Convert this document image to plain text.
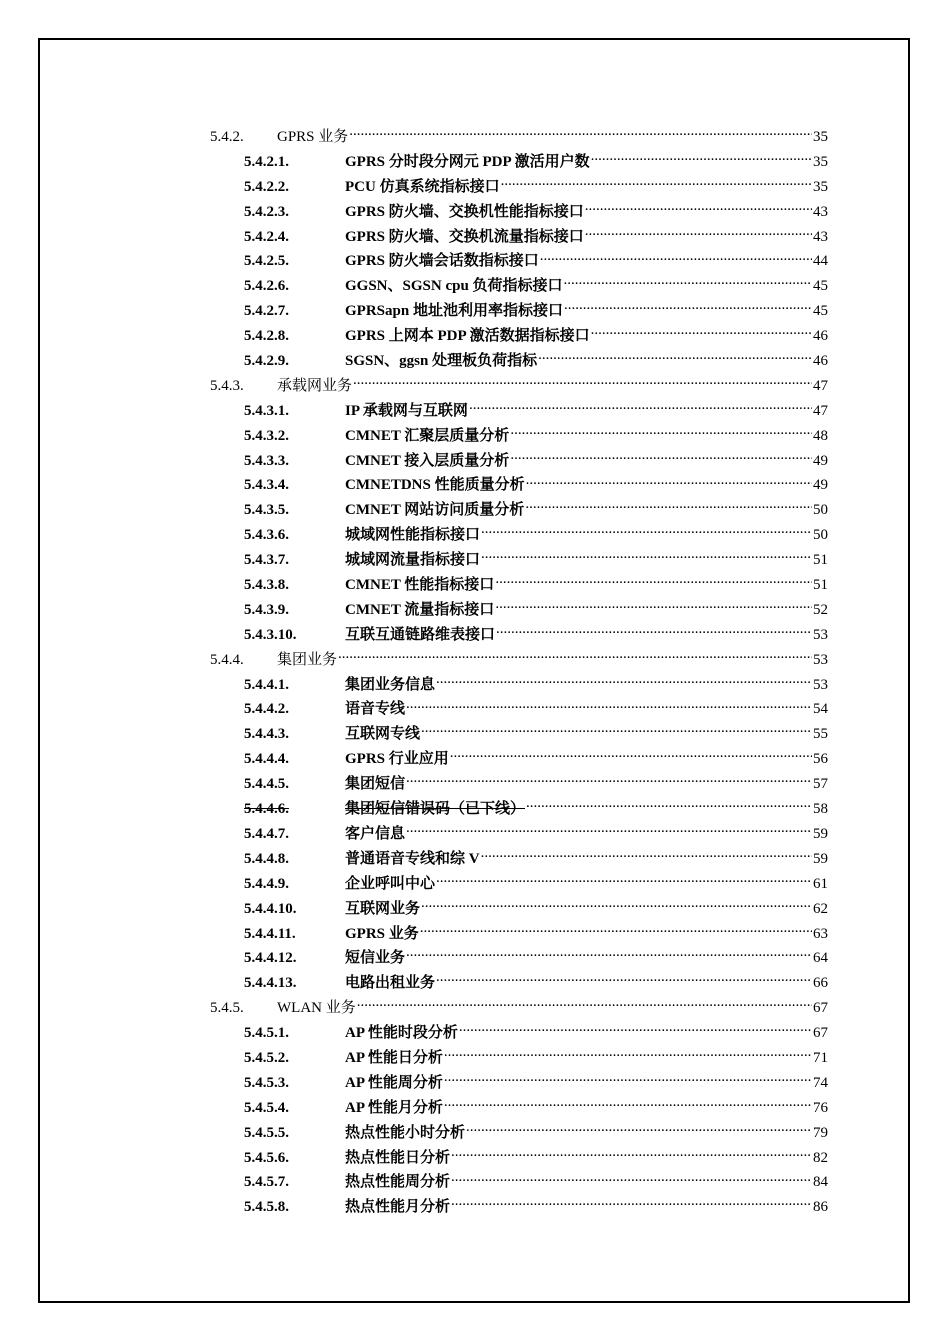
5.4.2.	GPRS 业务 .....	35
5.4.2.1.	GPRS 分时段分网元 PDP 激活用户数 .....	35
5.4.2.2.	PCU 仿真系统指标接口 .....	35
5.4.2.3.	GPRS 防火墙、交换机性能指标接口 .....	43
5.4.2.4.	GPRS 防火墙、交换机流量指标接口 .....	43
5.4.2.5.	GPRS 防火墙会话数指标接口 .....	44
5.4.2.6.	GGSN、SGSN cpu 负荷指标接口 .....	45
5.4.2.7.	GPRSapn 地址池利用率指标接口 .....	45
5.4.2.8.	GPRS 上网本 PDP 激活数据指标接口 .....	46
5.4.2.9.	SGSN、ggsn 处理板负荷指标 .....	46
5.4.3.	承载网业务 .....	47
5.4.3.1.	IP 承载网与互联网 .....	47
5.4.3.2.	CMNET 汇聚层质量分析 .....	48
5.4.3.3.	CMNET 接入层质量分析 .....	49
5.4.3.4.	CMNETDNS 性能质量分析 .....	49
5.4.3.5.	CMNET 网站访问质量分析 .....	50
5.4.3.6.	城域网性能指标接口 .....	50
5.4.3.7.	城域网流量指标接口 .....	51
5.4.3.8.	CMNET 性能指标接口 .....	51
5.4.3.9.	CMNET 流量指标接口 .....	52
5.4.3.10.	互联互通链路维表接口 .....	53
5.4.4.	集团业务 .....	53
5.4.4.1.	集团业务信息 .....	53
5.4.4.2.	语音专线 .....	54
5.4.4.3.	互联网专线 .....	55
5.4.4.4.	GPRS 行业应用 .....	56
5.4.4.5.	集团短信 .....	57
5.4.4.6.	集团短信错误码（已下线） .....	58
5.4.4.7.	客户信息 .....	59
5.4.4.8.	普通语音专线和综 V .....	59
5.4.4.9.	企业呼叫中心 .....	61
5.4.4.10.	互联网业务 .....	62
5.4.4.11.	GPRS 业务 .....	63
5.4.4.12.	短信业务 .....	64
5.4.4.13.	电路出租业务 .....	66
5.4.5.	WLAN 业务 .....	67
5.4.5.1.	AP 性能时段分析 .....	67
5.4.5.2.	AP 性能日分析 .....	71
5.4.5.3.	AP 性能周分析 .....	74
5.4.5.4.	AP 性能月分析 .....	76
5.4.5.5.	热点性能小时分析 .....	79
5.4.5.6.	热点性能日分析 .....	82
5.4.5.7.	热点性能周分析 .....	84
5.4.5.8.	热点性能月分析 .....	86
